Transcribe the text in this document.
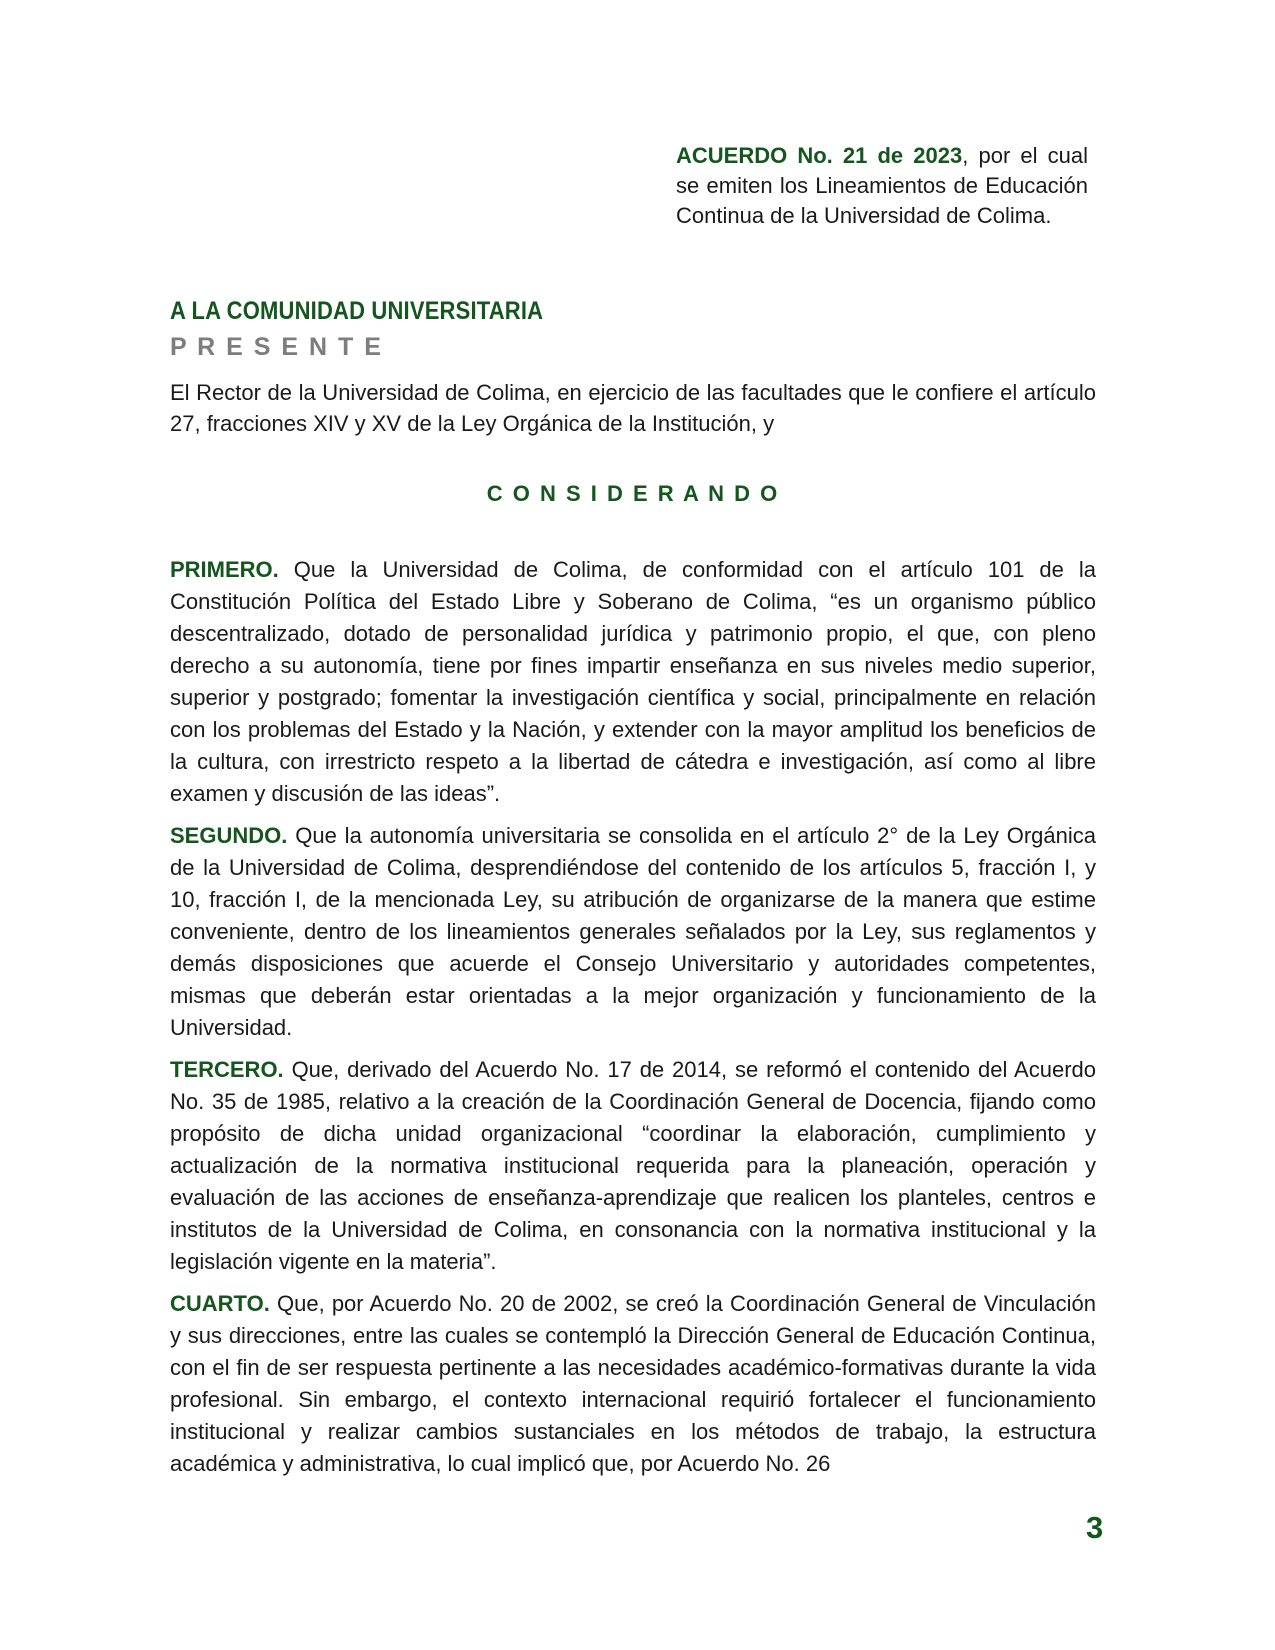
ACUERDO No. 21 de 2023, por el cual se emiten los Lineamientos de Educación Continua de la Universidad de Colima.
A LA COMUNIDAD UNIVERSITARIA
P R E S E N T E

El Rector de la Universidad de Colima, en ejercicio de las facultades que le confiere el artículo 27, fracciones XIV y XV de la Ley Orgánica de la Institución, y

C O N S I D E R A N D O

PRIMERO. Que la Universidad de Colima, de conformidad con el artículo 101 de la Constitución Política del Estado Libre y Soberano de Colima, “es un organismo público descentralizado, dotado de personalidad jurídica y patrimonio propio, el que, con pleno derecho a su autonomía, tiene por fines impartir enseñanza en sus niveles medio superior, superior y postgrado; fomentar la investigación científica y social, principalmente en relación con los problemas del Estado y la Nación, y extender con la mayor amplitud los beneficios de la cultura, con irrestricto respeto a la libertad de cátedra e investigación, así como al libre examen y discusión de las ideas”.

SEGUNDO. Que la autonomía universitaria se consolida en el artículo 2° de la Ley Orgánica de la Universidad de Colima, desprendiéndose del contenido de los artículos 5, fracción I, y 10, fracción I, de la mencionada Ley, su atribución de organizarse de la manera que estime conveniente, dentro de los lineamientos generales señalados por la Ley, sus reglamentos y demás disposiciones que acuerde el Consejo Universitario y autoridades competentes, mismas que deberán estar orientadas a la mejor organización y funcionamiento de la Universidad.

TERCERO. Que, derivado del Acuerdo No. 17 de 2014, se reformó el contenido del Acuerdo No. 35 de 1985, relativo a la creación de la Coordinación General de Docencia, fijando como propósito de dicha unidad organizacional “coordinar la elaboración, cumplimiento y actualización de la normativa institucional requerida para la planeación, operación y evaluación de las acciones de enseñanza-aprendizaje que realicen los planteles, centros e institutos de la Universidad de Colima, en consonancia con la normativa institucional y la legislación vigente en la materia”.

CUARTO. Que, por Acuerdo No. 20 de 2002, se creó la Coordinación General de Vinculación y sus direcciones, entre las cuales se contempló la Dirección General de Educación Continua, con el fin de ser respuesta pertinente a las necesidades académico-formativas durante la vida profesional. Sin embargo, el contexto internacional requirió fortalecer el funcionamiento institucional y realizar cambios sustanciales en los métodos de trabajo, la estructura académica y administrativa, lo cual implicó que, por Acuerdo No. 26

3
